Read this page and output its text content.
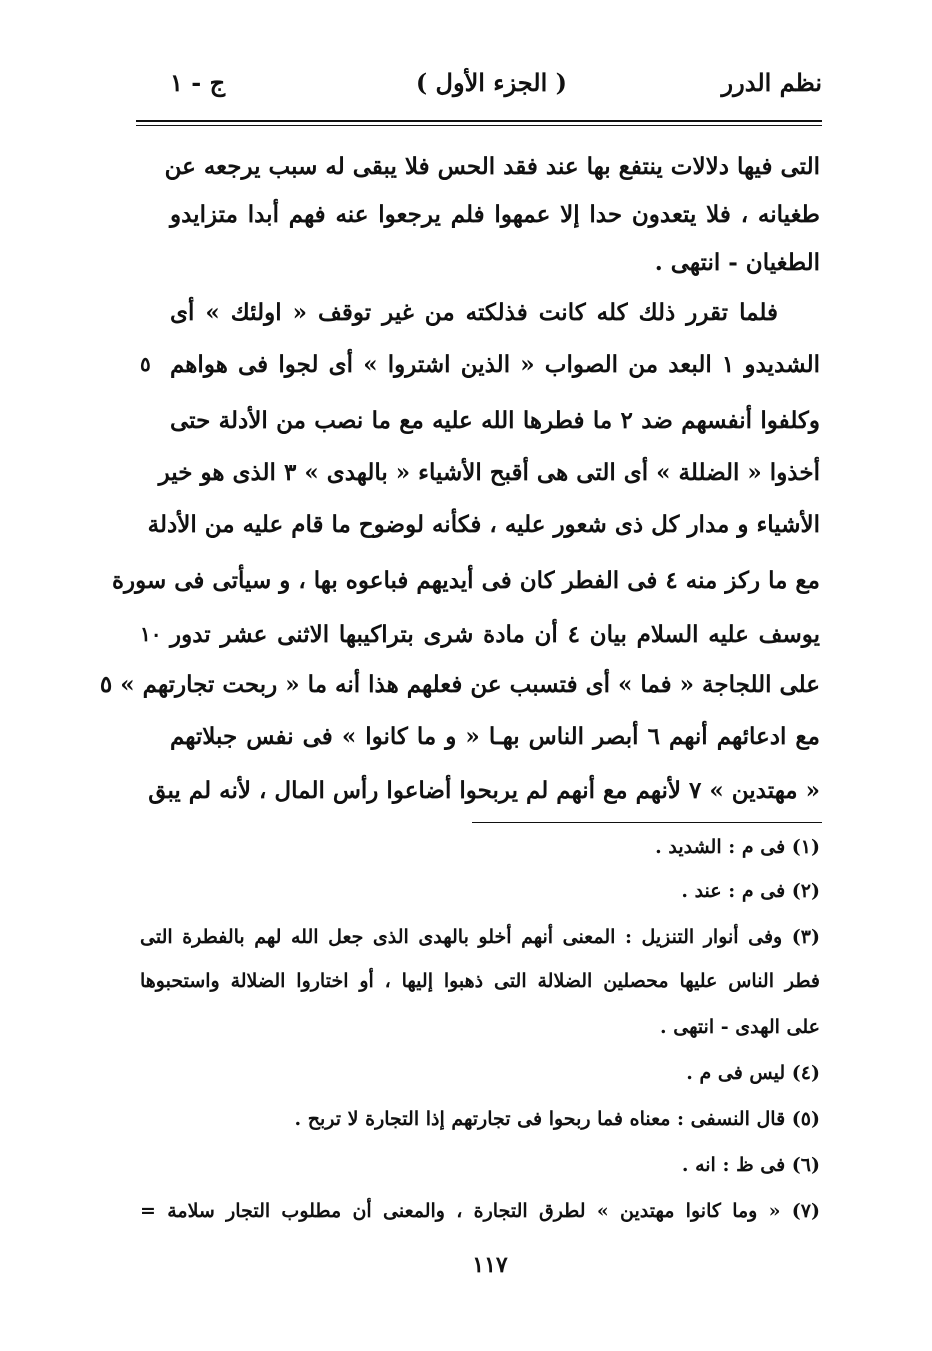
نظم الدرر
( الجزء الأول )
ج - ١
التى فيها دلالات ينتفع بها عند فقد الحس فلا يبقى له سبب يرجعه عن
طغيانه ، فلا يتعدون حدا إلا عمهوا فلم يرجعوا عنه فهم أبدا متزايدو
الطغيان - انتهى .
فلما تقرر ذلك كله كانت فذلكته من غير توقف « اولئك » أى
الشديدو ١ البعد من الصواب « الذين اشتروا » أى لجوا فى هواهم
وكلفوا أنفسهم ضد ٢ ما فطرها الله عليه مع ما نصب من الأدلة حتى
أخذوا « الضللة » أى التى هى أقبح الأشياء « بالهدى » ٣ الذى هو خير
الأشياء و مدار كل ذى شعور عليه ، فكأنه لوضوح ما قام عليه من الأدلة
مع ما ركز منه ٤ فى الفطر كان فى أيديهم فباعوه بها ، و سيأتى فى سورة
يوسف عليه السلام بيان ٤ أن مادة شرى بتراكيبها الاثنى عشر تدور
على اللجاجة « فما » أى فتسبب عن فعلهم هذا أنه ما « ربحت تجارتهم » ٥
مع ادعائهم أنهم ٦ أبصر الناس بهـا « و ما كانوا » فى نفس جبلاتهم
« مهتدين » ٧ لأنهم مع أنهم لم يربحوا أضاعوا رأس المال ، لأنه لم يبق
٥
١٠
(١) فى م : الشديد .
(٢) فى م : عند .
(٣) وفى أنوار التنزيل : المعنى أنهم أخلو بالهدى الذى جعل الله لهم بالفطرة التى
فطر الناس عليها محصلين الضلالة التى ذهبوا إليها ، أو اختاروا الضلالة واستحبوها
على الهدى - انتهى .
(٤) ليس فى م .
(٥) قال النسفى : معناه فما ربحوا فى تجارتهم إذا التجارة لا تربح .
(٦) فى ظ : انه .
(٧) « وما كانوا مهتدين » لطرق التجارة ، والمعنى أن مطلوب التجار سلامة =
١١٧
